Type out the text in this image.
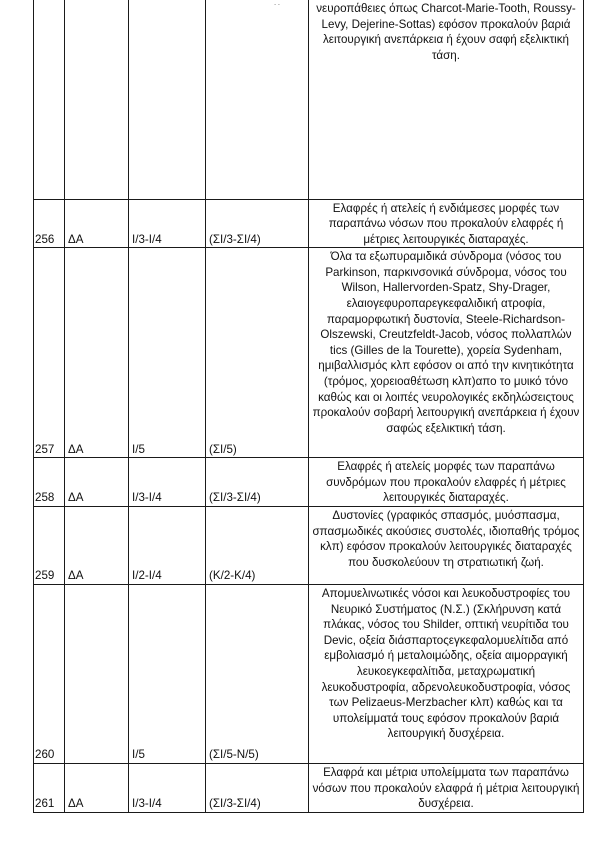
- -
					νευροπάθειες όπως Charcot-Marie-Tooth, Roussy-Levy, Dejerine-Sottas) εφόσον προκαλούν βαριά λειτουργική ανεπάρκεια ή έχουν σαφή εξελικτική τάση.
256	ΔΑ	Ι/3-Ι/4	(ΣΙ/3-ΣΙ/4)	Ελαφρές ή ατελείς ή ενδιάμεσες μορφές των παραπάνω νόσων που προκαλούν ελαφρές ή μέτριες λειτουργικές διαταραχές.
257	ΔΑ	Ι/5	(ΣΙ/5)	Όλα τα εξωπυραμιδικά σύνδρομα (νόσος του Parkinson, παρκινσονικά σύνδρομα, νόσος του Wilson, Hallervorden-Spatz, Shy-Drager, ελαιογεφυροπαρεγκεφαλιδική ατροφία, παραμορφωτική δυστονία, Steele-Richardson-Olszewski, Creutzfeldt-Jacob, νόσος πολλαπλών tics (Gilles de la Tourette), χορεία Sydenham, ημιβαλλισμός κλπ εφόσον οι από την κινητικότητα (τρόμος, χορειοαθέτωση κλπ)απο το μυικό τόνο καθώς και οι λοιπές νευρολογικές εκδηλώσειςτους προκαλούν σοβαρή λειτουργική ανεπάρκεια ή έχουν σαφώς εξελικτική τάση.
258	ΔΑ	Ι/3-Ι/4	(ΣΙ/3-ΣΙ/4)	Ελαφρές ή ατελείς μορφές των παραπάνω συνδρόμων που προκαλούν ελαφρές ή μέτριες λειτουργικές διαταραχές.
259	ΔΑ	Ι/2-Ι/4	(Κ/2-Κ/4)	Δυστονίες (γραφικός σπασμός, μυόσπασμα, σπασμωδικές ακούσιες συστολές, ιδιοπαθής τρόμος κλπ) εφόσον προκαλούν λειτουργικές διαταραχές που δυσκολεύουν τη στρατιωτική ζωή.
260		Ι/5	(ΣΙ/5-Ν/5)	Απομυελινωτικές νόσοι και λευκοδυστροφίες του Νευρικό Συστήματος (Ν.Σ.) (Σκλήρυνση κατά πλάκας, νόσος του Shilder, οπτική νευρίτιδα του Devic, οξεία διάσπαρτοςεγκεφαλομυελίτιδα από εμβολιασμό ή μεταλοιμώδης, οξεία αιμορραγική λευκοεγκεφαλίτιδα, μεταχρωματική λευκοδυστροφία, αδρενολευκοδυστροφία, νόσος των Pelizaeus-Merzbacher κλπ) καθώς και τα υπολείμματά τους εφόσον προκαλούν βαριά λειτουργική δυσχέρεια.
261	ΔΑ	Ι/3-Ι/4	(ΣΙ/3-ΣΙ/4)	Ελαφρά και μέτρια υπολείμματα των παραπάνω νόσων που προκαλούν ελαφρά ή μέτρια λειτουργική δυσχέρεια.
